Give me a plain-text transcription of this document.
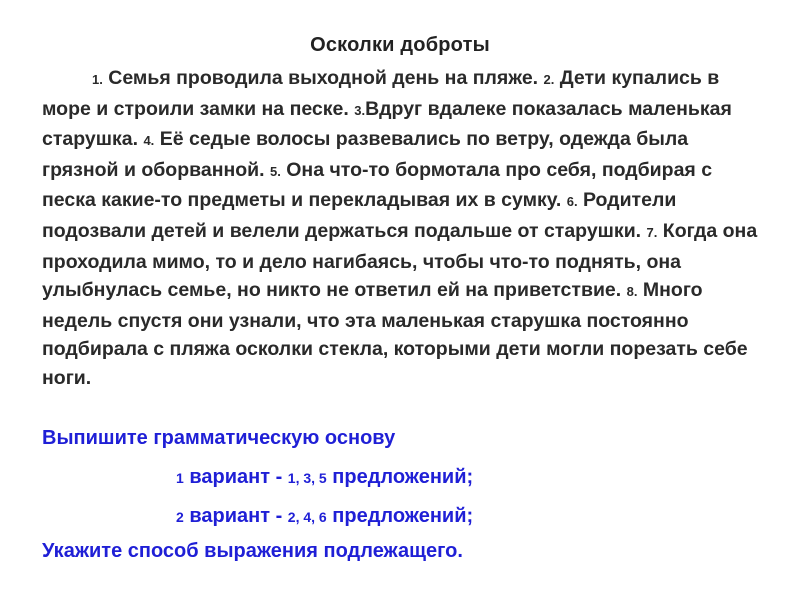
Осколки доброты

1. Семья проводила выходной день на пляже. 2. Дети купались в море и строили замки на песке. 3.Вдруг вдалеке показалась маленькая старушка. 4. Её седые волосы развевались по ветру, одежда была грязной и оборванной. 5. Она что-то бормотала про себя, подбирая с песка какие-то предметы и перекладывая их в сумку. 6. Родители подозвали детей и велели держаться подальше от старушки. 7. Когда она проходила мимо, то и дело нагибаясь, чтобы что-то поднять, она улыбнулась семье, но никто не ответил ей на приветствие. 8. Много недель спустя они узнали, что эта маленькая старушка постоянно подбирала с пляжа осколки стекла, которыми дети могли порезать себе ноги.

Выпишите грамматическую основу
1 вариант - 1, 3, 5 предложений;
2 вариант - 2, 4, 6 предложений;
Укажите способ выражения подлежащего.
